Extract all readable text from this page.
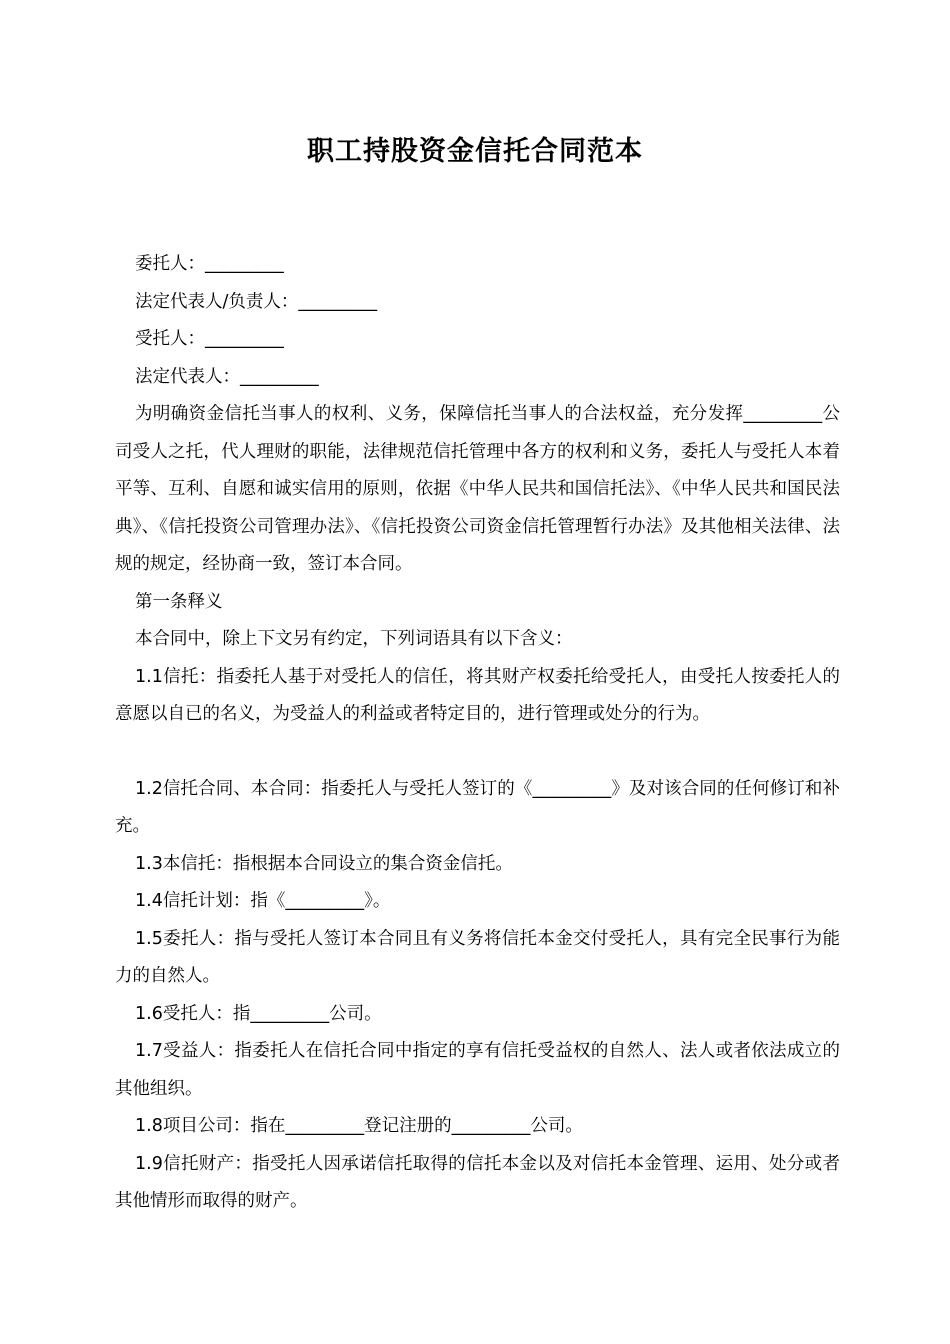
职工持股资金信托合同范本

委托人：_________

法定代表人/负责人：_________

受托人：_________

法定代表人：_________

为明确资金信托当事人的权利、义务，保障信托当事人的合法权益，充分发挥_________公司受人之托，代人理财的职能，法律规范信托管理中各方的权利和义务，委托人与受托人本着平等、互利、自愿和诚实信用的原则，依据《中华人民共和国信托法》、《中华人民共和国民法典》、《信托投资公司管理办法》、《信托投资公司资金信托管理暂行办法》及其他相关法律、法规的规定，经协商一致，签订本合同。

第一条释义

本合同中，除上下文另有约定，下列词语具有以下含义：

1.1信托：指委托人基于对受托人的信任，将其财产权委托给受托人，由受托人按委托人的意愿以自已的名义，为受益人的利益或者特定目的，进行管理或处分的行为。

1.2信托合同、本合同：指委托人与受托人签订的《_________》及对该合同的任何修订和补充。

1.3本信托：指根据本合同设立的集合资金信托。

1.4信托计划：指《_________》。

1.5委托人：指与受托人签订本合同且有义务将信托本金交付受托人，具有完全民事行为能力的自然人。

1.6受托人：指_________公司。

1.7受益人：指委托人在信托合同中指定的享有信托受益权的自然人、法人或者依法成立的其他组织。

1.8项目公司：指在_________登记注册的_________公司。

1.9信托财产：指受托人因承诺信托取得的信托本金以及对信托本金管理、运用、处分或者其他情形而取得的财产。
